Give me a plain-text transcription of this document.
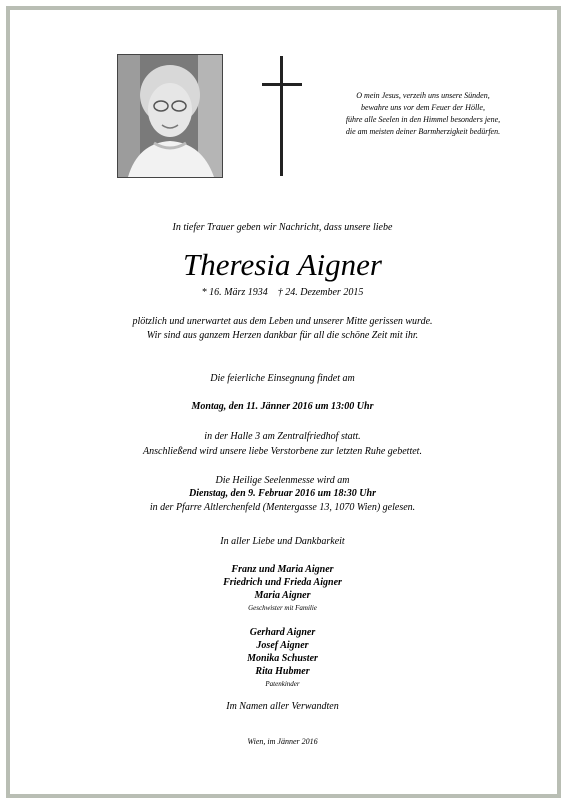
O mein Jesus, verzeih uns unsere Sünden,
bewahre uns vor dem Feuer der Hölle,
führe alle Seelen in den Himmel besonders jene,
die am meisten deiner Barmherzigkeit bedürfen.
In tiefer Trauer geben wir Nachricht, dass unsere liebe
Theresia Aigner
* 16. März 1934    † 24. Dezember 2015
plötzlich und unerwartet aus dem Leben und unserer Mitte gerissen wurde.
Wir sind aus ganzem Herzen dankbar für all die schöne Zeit mit ihr.
Die feierliche Einsegnung findet am
Montag, den 11. Jänner 2016 um 13:00 Uhr
in der Halle 3 am Zentralfriedhof statt.
Anschließend wird unsere liebe Verstorbene zur letzten Ruhe gebettet.
Die Heilige Seelenmesse wird am
Dienstag, den 9. Februar 2016 um 18:30 Uhr
in der Pfarre Altlerchenfeld (Mentergasse 13, 1070 Wien) gelesen.
In aller Liebe und Dankbarkeit
Franz und Maria Aigner
Friedrich und Frieda Aigner
Maria Aigner
Geschwister mit Familie
Gerhard Aigner
Josef Aigner
Monika Schuster
Rita Hubmer
Patenkinder
Im Namen aller Verwandten
Wien, im Jänner 2016
